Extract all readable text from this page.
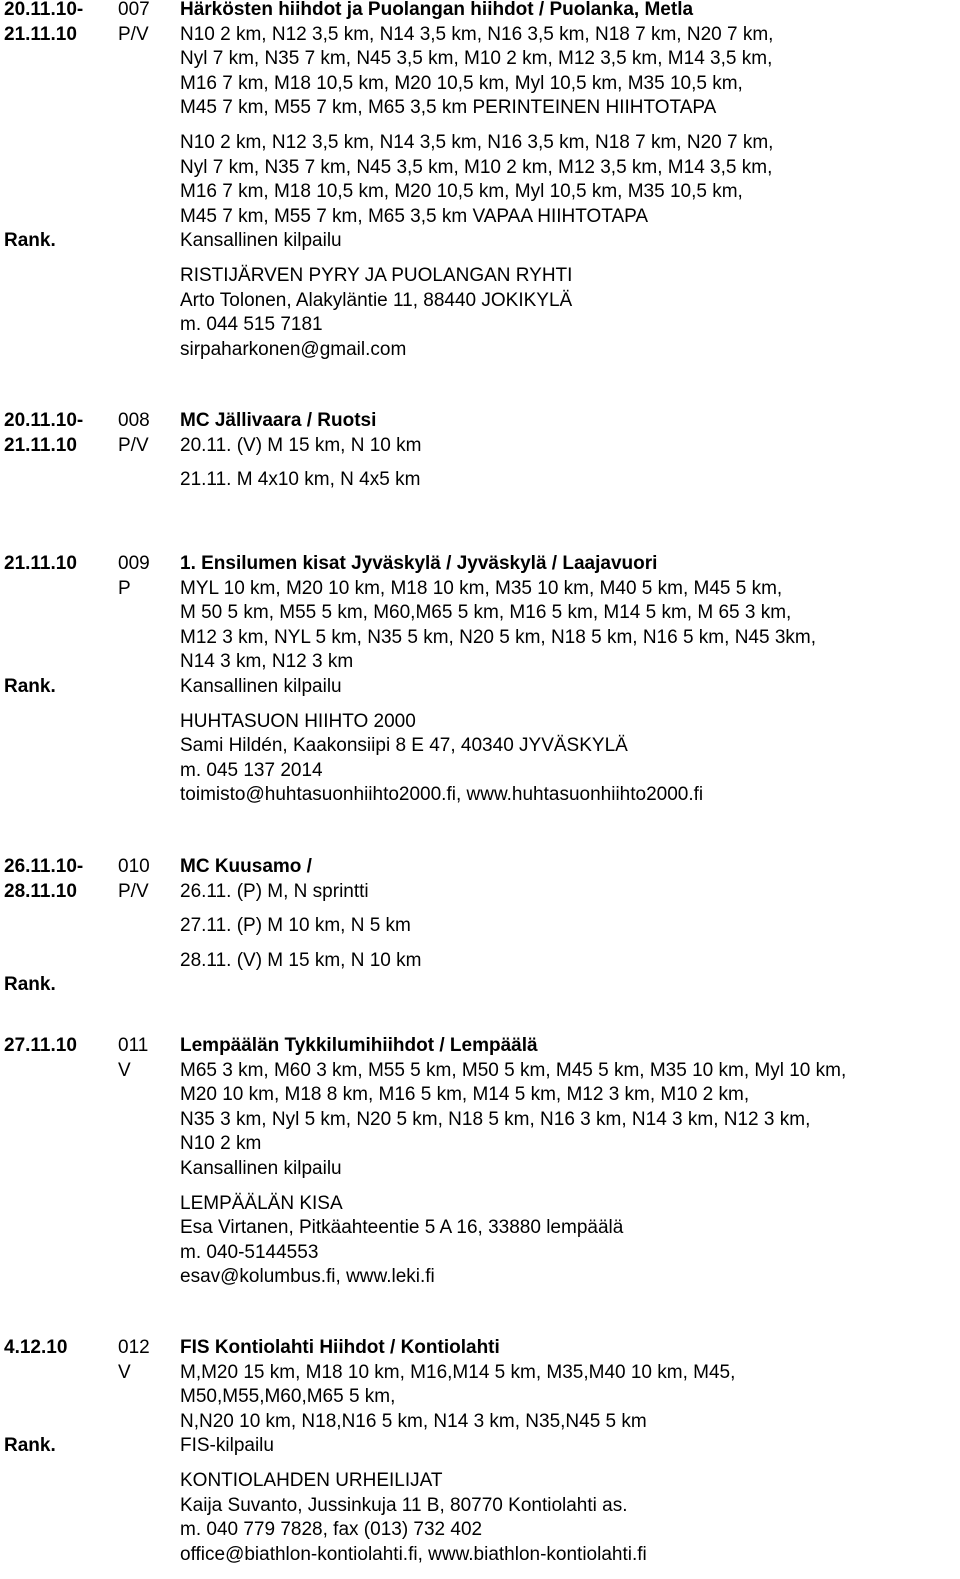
20.11.10- 007 Härkösten hiihdot ja Puolangan hiihdot / Puolanka, Metla
21.11.10 P/V N10 2 km, N12 3,5 km, N14 3,5 km, N16 3,5 km, N18 7 km, N20 7 km,
Nyl 7 km, N35 7 km, N45 3,5 km, M10 2 km, M12 3,5 km, M14 3,5 km,
M16 7 km, M18 10,5 km, M20 10,5 km, Myl 10,5 km, M35 10,5 km,
M45 7 km, M55 7 km, M65 3,5 km PERINTEINEN HIIHTOTAPA
N10 2 km, N12 3,5 km, N14 3,5 km, N16 3,5 km, N18 7 km, N20 7 km,
Nyl 7 km, N35 7 km, N45 3,5 km, M10 2 km, M12 3,5 km, M14 3,5 km,
M16 7 km, M18 10,5 km, M20 10,5 km, Myl 10,5 km, M35 10,5 km,
M45 7 km, M55 7 km, M65 3,5 km VAPAA HIIHTOTAPA
Rank.	Kansallinen kilpailu
RISTIJÄRVEN PYRY JA PUOLANGAN RYHTI
Arto Tolonen, Alakyläntie 11, 88440 JOKIKYLÄ
m. 044 515 7181
sirpaharkonen@gmail.com
20.11.10- 008 MC Jällivaara / Ruotsi
21.11.10 P/V 20.11. (V) M 15 km, N 10 km
21.11. M 4x10 km, N 4x5 km
21.11.10 009 1. Ensilumen kisat Jyväskylä / Jyväskylä / Laajavuori
P	MYL 10 km, M20 10 km, M18 10 km, M35 10 km, M40 5 km, M45 5 km,
M 50 5 km, M55 5 km, M60,M65 5 km, M16 5 km, M14 5 km, M 65 3 km,
M12 3 km, NYL 5 km, N35 5 km, N20 5 km, N18 5 km, N16 5 km, N45 3km,
N14 3 km, N12 3 km
Rank.	Kansallinen kilpailu
HUHTASUON HIIHTO 2000
Sami Hildén, Kaakonsiipi 8 E 47, 40340 JYVÄSKYLÄ
m. 045 137 2014
toimisto@huhtasuonhiihto2000.fi, www.huhtasuonhiihto2000.fi
26.11.10- 010 MC Kuusamo /
28.11.10 P/V 26.11. (P) M, N sprintti
27.11. (P) M 10 km, N 5 km
28.11. (V) M 15 km, N 10 km
Rank.
27.11.10 011 Lempäälän Tykkilumihiihdot / Lempäälä
V	M65 3 km, M60 3 km, M55 5 km, M50 5 km, M45 5 km, M35 10 km, Myl 10 km,
M20 10 km, M18 8 km, M16 5 km, M14 5 km, M12 3 km, M10 2 km,
N35 3 km, Nyl 5 km, N20 5 km, N18 5 km, N16 3 km, N14 3 km, N12 3 km,
N10 2 km
Kansallinen kilpailu
LEMPÄÄLÄN KISA
Esa Virtanen, Pitkäahteentie 5 A 16, 33880 lempäälä
m. 040-5144553
esav@kolumbus.fi, www.leki.fi
4.12.10	012 FIS Kontiolahti Hiihdot / Kontiolahti
V	M,M20 15 km, M18 10 km, M16,M14 5 km, M35,M40 10 km, M45,
M50,M55,M60,M65 5 km,
N,N20 10 km, N18,N16 5 km, N14 3 km, N35,N45 5 km
Rank.	FIS-kilpailu
KONTIOLAHDEN URHEILIJAT
Kaija Suvanto, Jussinkuja 11 B, 80770 Kontiolahti as.
m. 040 779 7828, fax (013) 732 402
office@biathlon-kontiolahti.fi, www.biathlon-kontiolahti.fi
